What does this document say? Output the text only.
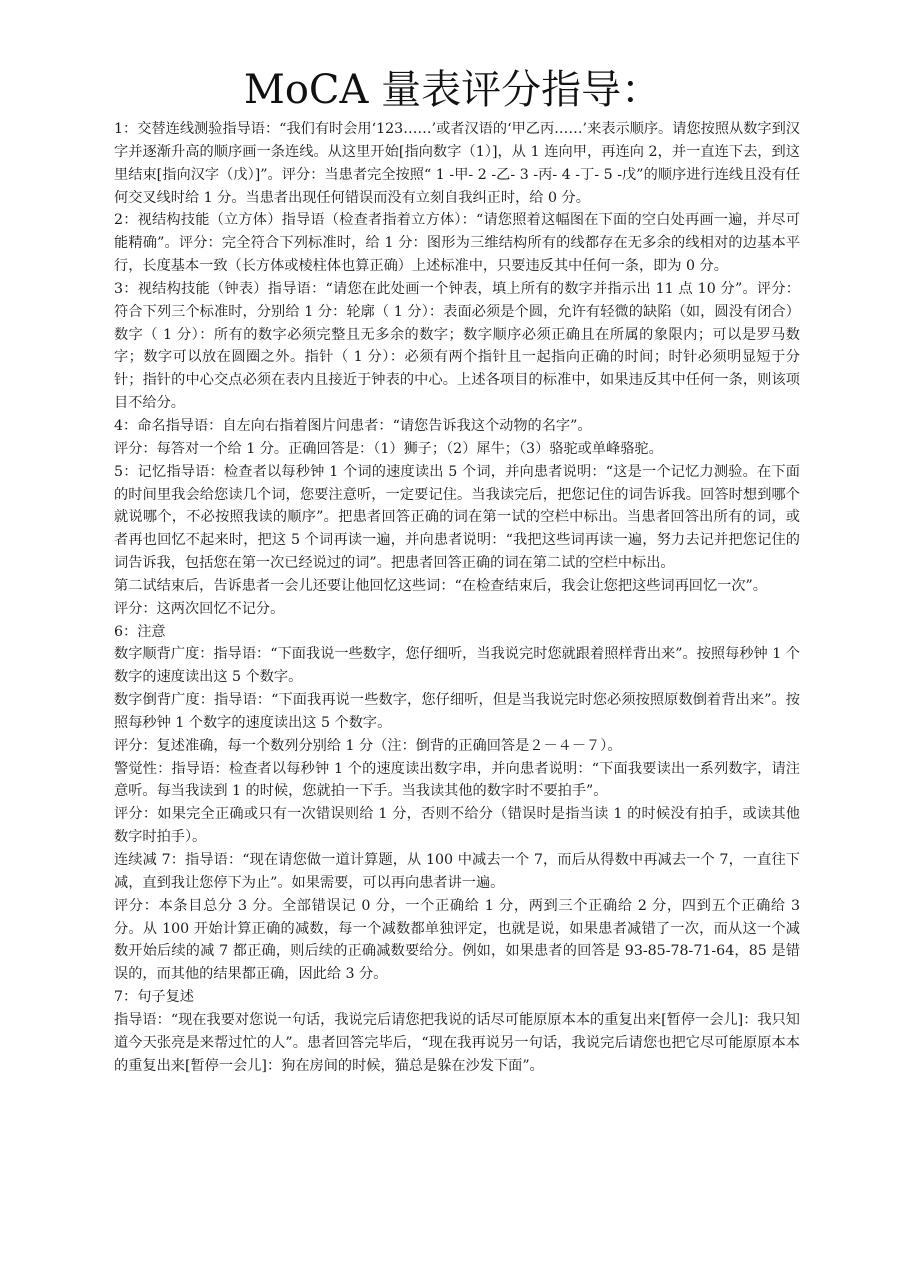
MoCA 量表评分指导：

1：交替连线测验指导语：“我们有时会用‘123……’或者汉语的‘甲乙丙……’来表示顺序。请您按照从数字到汉字并逐渐升高的顺序画一条连线。从这里开始[指向数字（1）]，从 1 连向甲，再连向 2，并一直连下去，到这里结束[指向汉字（戊）]”。评分：当患者完全按照“ 1 -甲- 2 -乙- 3 -丙- 4 -丁- 5 -戊”的顺序进行连线且没有任何交叉线时给 1 分。当患者出现任何错误而没有立刻自我纠正时，给 0 分。

2：视结构技能（立方体）指导语（检查者指着立方体）：“请您照着这幅图在下面的空白处再画一遍，并尽可能精确”。评分：完全符合下列标准时，给 1 分：图形为三维结构所有的线都存在无多余的线相对的边基本平行，长度基本一致（长方体或棱柱体也算正确）上述标准中，只要违反其中任何一条，即为 0 分。

3：视结构技能（钟表）指导语：“请您在此处画一个钟表，填上所有的数字并指示出 11 点 10 分”。评分：符合下列三个标准时，分别给 1 分：轮廓（ 1 分）：表面必须是个圆，允许有轻微的缺陷（如，圆没有闭合）数字（ 1 分）：所有的数字必须完整且无多余的数字；数字顺序必须正确且在所属的象限内；可以是罗马数字；数字可以放在圆圈之外。指针（ 1 分）：必须有两个指针且一起指向正确的时间；时针必须明显短于分针；指针的中心交点必须在表内且接近于钟表的中心。上述各项目的标准中，如果违反其中任何一条，则该项目不给分。

4：命名指导语：自左向右指着图片问患者：“请您告诉我这个动物的名字”。

评分：每答对一个给 1 分。正确回答是：（1）狮子；（2）犀牛；（3）骆驼或单峰骆驼。

5：记忆指导语：检查者以每秒钟 1 个词的速度读出 5 个词，并向患者说明：“这是一个记忆力测验。在下面的时间里我会给您读几个词，您要注意听，一定要记住。当我读完后，把您记住的词告诉我。回答时想到哪个就说哪个，不必按照我读的顺序”。把患者回答正确的词在第一试的空栏中标出。当患者回答出所有的词，或者再也回忆不起来时，把这 5 个词再读一遍，并向患者说明：“我把这些词再读一遍，努力去记并把您记住的词告诉我，包括您在第一次已经说过的词”。把患者回答正确的词在第二试的空栏中标出。

第二试结束后，告诉患者一会儿还要让他回忆这些词：“在检查结束后，我会让您把这些词再回忆一次”。

评分：这两次回忆不记分。

6：注意

数字顺背广度：指导语：“下面我说一些数字，您仔细听，当我说完时您就跟着照样背出来”。按照每秒钟 1 个数字的速度读出这 5 个数字。

数字倒背广度：指导语：“下面我再说一些数字，您仔细听，但是当我说完时您必须按照原数倒着背出来”。按照每秒钟 1 个数字的速度读出这 5 个数字。

评分：复述准确，每一个数列分别给 1 分（注：倒背的正确回答是２－４－７）。

警觉性：指导语：检查者以每秒钟 1 个的速度读出数字串，并向患者说明：“下面我要读出一系列数字，请注意听。每当我读到 1 的时候，您就拍一下手。当我读其他的数字时不要拍手”。

评分：如果完全正确或只有一次错误则给 1 分，否则不给分（错误时是指当读 1 的时候没有拍手，或读其他数字时拍手）。

连续减 7：指导语：“现在请您做一道计算题，从 100 中减去一个 7，而后从得数中再减去一个 7，一直往下减，直到我让您停下为止”。如果需要，可以再向患者讲一遍。

评分：本条目总分 3 分。全部错误记 0 分，一个正确给 1 分，两到三个正确给 2 分，四到五个正确给 3 分。从 100 开始计算正确的减数，每一个减数都单独评定，也就是说，如果患者减错了一次，而从这一个减数开始后续的减 7 都正确，则后续的正确减数要给分。例如，如果患者的回答是 93-85-78-71-64，85 是错误的，而其他的结果都正确，因此给 3 分。

7：句子复述

指导语：“现在我要对您说一句话，我说完后请您把我说的话尽可能原原本本的重复出来[暂停一会儿]：我只知道今天张亮是来帮过忙的人”。患者回答完毕后，“现在我再说另一句话，我说完后请您也把它尽可能原原本本的重复出来[暂停一会儿]：狗在房间的时候，猫总是躲在沙发下面”。
